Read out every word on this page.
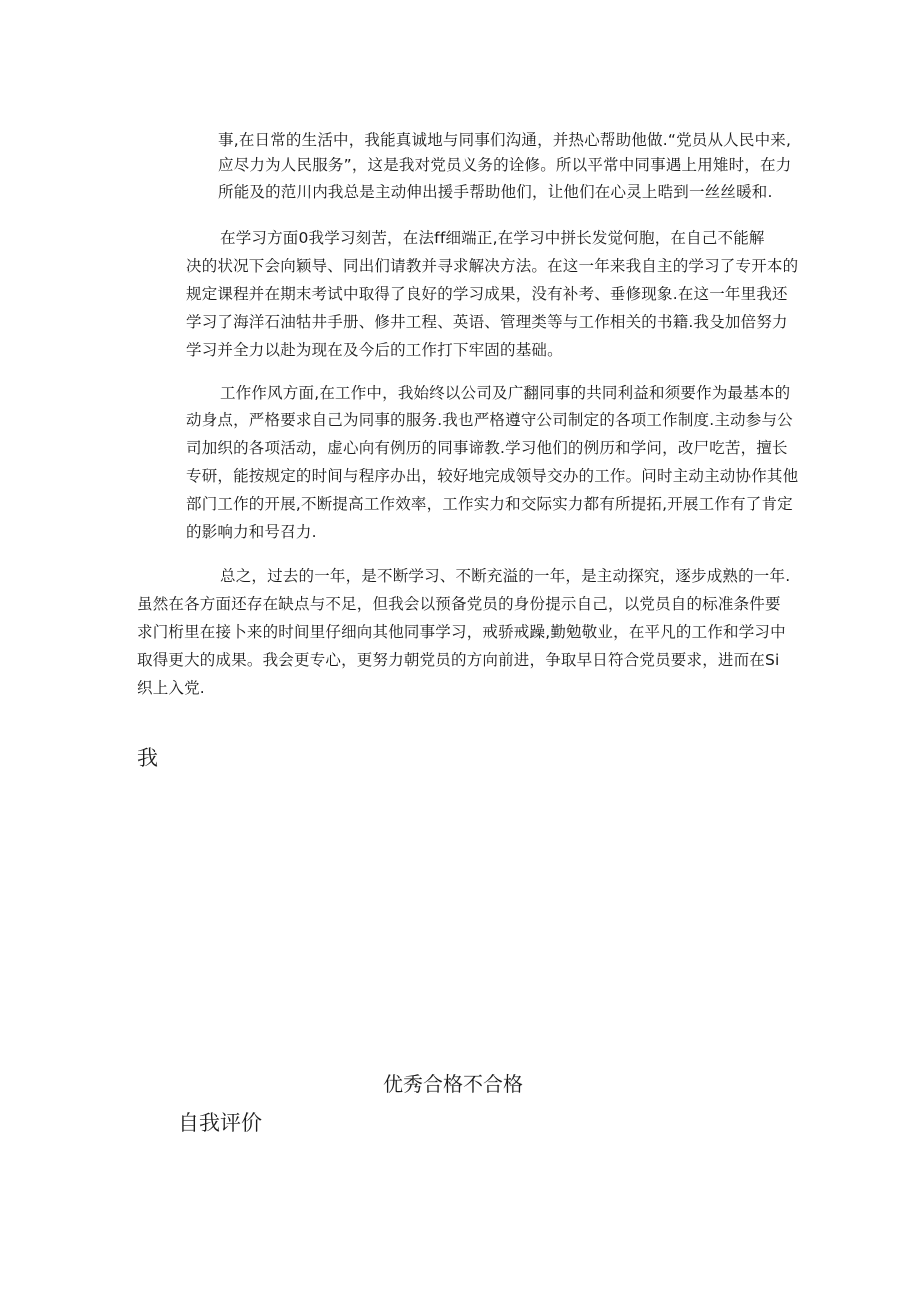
事,在日常的生活中，我能真诚地与同事们沟通，并热心帮助他做.“党员从人民中来,
应尽力为人民服务”，这是我对党员义务的诠修。所以平常中同事遇上用雉时，在力
所能及的范川内我总是主动伸出援手帮助他们，让他们在心灵上晧到一丝丝暖和.
在学习方面0我学习刻苦，在法ff细端正,在学习中拼长发觉何胞，在自己不能解
决的状况下会向颖导、同出们请教并寻求解决方法。在这一年来我自主的学习了专开本的
规定课程并在期末考试中取得了良好的学习成果，没有补考、垂修现象.在这一年里我还
学习了海洋石油牯井手册、修井工程、英语、管理类等与工作相关的书籍.我殳加倍努力
学习并全力以赴为现在及今后的工作打下牢固的基础。
工作作风方面,在工作中，我始终以公司及广翻同事的共同利益和须要作为最基本的
动身点，严格要求自己为同事的服务.我也严格遵守公司制定的各项工作制度.主动参与公
司加织的各项活动，虚心向有例历的同事谛教.学习他们的例历和学问，改尸吃苦，擅长
专研，能按规定的时间与程序办出，较好地完成领导交办的工作。问时主动主动协作其他
部门工作的开展,不断提高工作效率，工作实力和交际实力都有所提拓,开展工作有了肯定
的影响力和号召力.
总之，过去的一年，是不断学习、不断充溢的一年，是主动探究，逐步成熟的一年.
虽然在各方面还存在缺点与不足，但我会以预备党员的身份提示自己，以党员自的标准条件要
求门桁里在接卜来的时间里仔细向其他同事学习，戒骄戒躁,勤勉敬业，在平凡的工作和学习中
取得更大的成果。我会更专心，更努力朝党员的方向前进，争取早日符合党员要求，进而在Si
织上入党.
我
优秀合格不合格
自我评价
